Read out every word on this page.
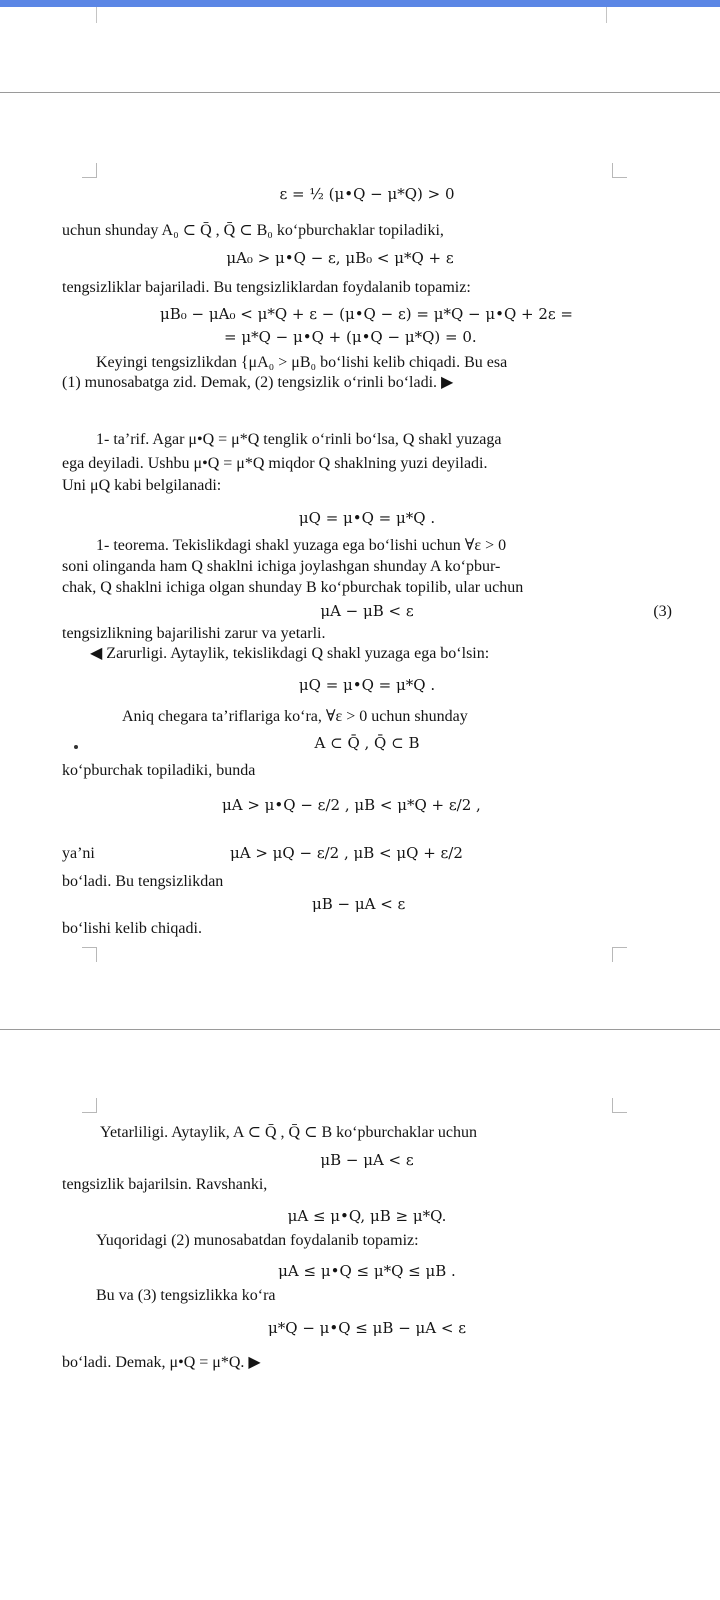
ε = ½ (μ•Q − μ*Q) > 0
uchun shunday A₀ ⊂ Q̄ , Q̄ ⊂ B₀ ko‘pburchaklar topiladiki,
μA₀ > μ•Q − ε, μB₀ < μ*Q + ε
tengsizliklar bajariladi. Bu tengsizliklardan foydalanib topamiz:
μB₀ − μA₀ < μ*Q + ε − (μ•Q − ε) = μ*Q − μ•Q + 2ε =
= μ*Q − μ•Q + (μ•Q − μ*Q) = 0.
Keyingi tengsizlikdan {μA₀ > μB₀ bo‘lishi kelib chiqadi. Bu esa
(1) munosabatga zid. Demak, (2) tengsizlik o‘rinli bo‘ladi. ▶
1- ta’rif. Agar μ•Q = μ*Q tenglik o‘rinli bo‘lsa, Q shakl yuzaga
ega deyiladi. Ushbu μ•Q = μ*Q miqdor Q shaklning yuzi deyiladi.
Uni μQ kabi belgilanadi:
μQ = μ•Q = μ*Q .
1- teorema. Tekislikdagi shakl yuzaga ega bo‘lishi uchun ∀ε > 0
soni olinganda ham Q shaklni ichiga joylashgan shunday A ko‘pbur-
chak, Q shaklni ichiga olgan shunday B ko‘pburchak topilib, ular uchun
μA − μB < ε	(3)
tengsizlikning bajarilishi zarur va yetarli.
◀ Zarurligi. Aytaylik, tekislikdagi Q shakl yuzaga ega bo‘lsin:
μQ = μ•Q = μ*Q .
Aniq chegara ta’riflariga ko‘ra, ∀ε > 0 uchun shunday
A ⊂ Q̄ , Q̄ ⊂ B
ko‘pburchak topiladiki, bunda
μA > μ•Q − ε/2 , μB < μ*Q + ε/2 ,
ya’ni	μA > μQ − ε/2 , μB < μQ + ε/2
bo‘ladi. Bu tengsizlikdan
μB − μA < ε
bo‘lishi kelib chiqadi.
Yetarliligi. Aytaylik, A ⊂ Q̄ , Q̄ ⊂ B ko‘pburchaklar uchun
μB − μA < ε
tengsizlik bajarilsin. Ravshanki,
μA ≤ μ•Q, μB ≥ μ*Q.
Yuqoridagi (2) munosabatdan foydalanib topamiz:
μA ≤ μ•Q ≤ μ*Q ≤ μB .
Bu va (3) tengsizlikka ko‘ra
μ*Q − μ•Q ≤ μB − μA < ε
bo‘ladi. Demak, μ•Q = μ*Q. ▶
